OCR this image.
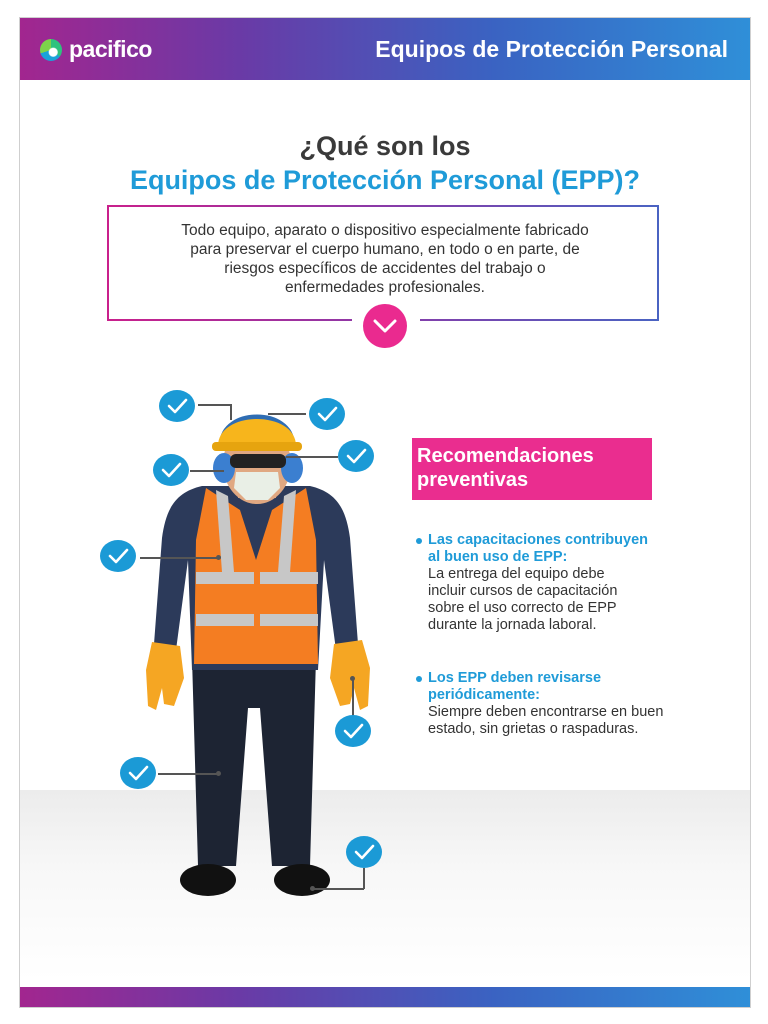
pacifico	Equipos de Protección Personal
¿Qué son los
Equipos de Protección Personal (EPP)?
Todo equipo, aparato o dispositivo especialmente fabricado
para preservar el cuerpo humano, en todo o en parte, de
riesgos específicos de accidentes del trabajo o
enfermedades profesionales.
Recomendaciones
preventivas
Las capacitaciones contribuyen
al buen uso de EPP:
La entrega del equipo debe
incluir cursos de capacitación
sobre el uso correcto de EPP
durante la jornada laboral.
Los EPP deben revisarse
periódicamente:
Siempre deben encontrarse en buen
estado, sin grietas o raspaduras.
